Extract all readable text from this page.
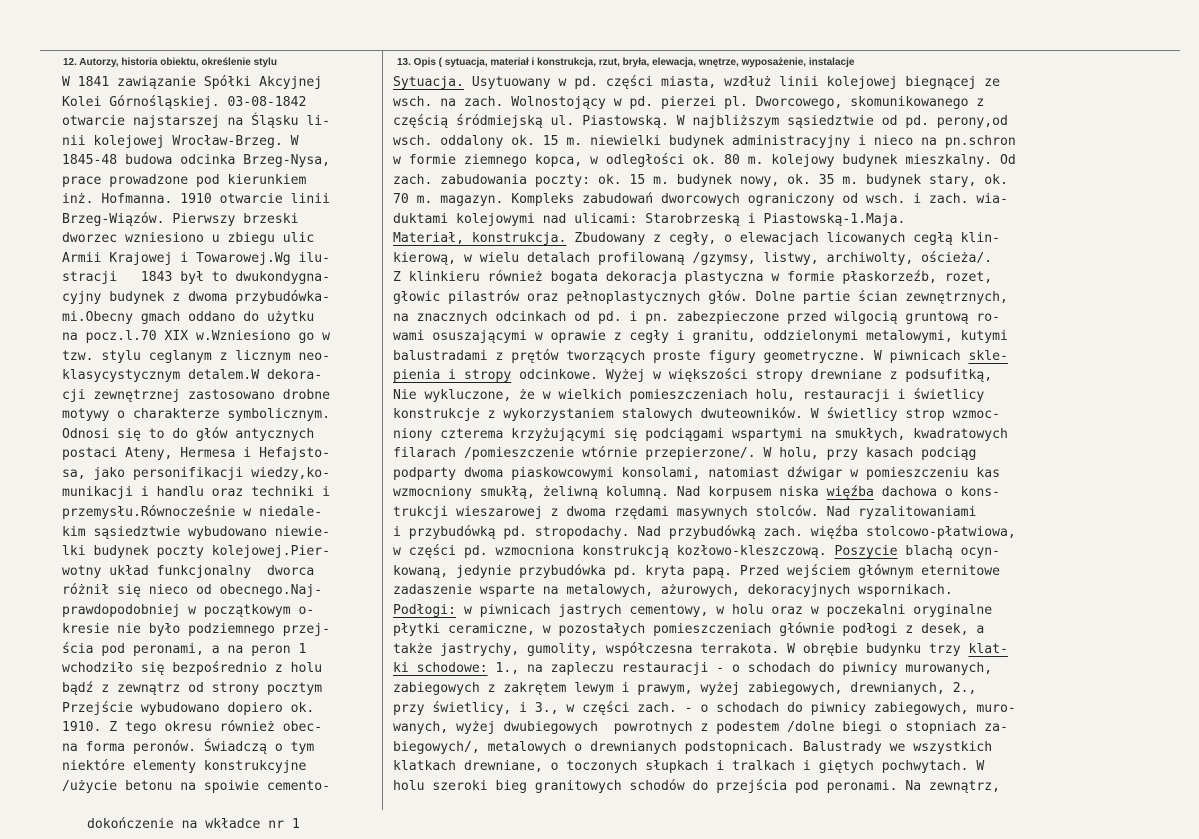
12. Autorzy, historia obiektu, określenie stylu	13. Opis ( sytuacja, materiał i konstrukcja, rzut, bryła, elewacja, wnętrze, wyposażenie, instalacje
W 1841 zawiązanie Spółki Akcyjnej
Kolei Górnośląskiej. 03-08-1842
otwarcie najstarszej na Śląsku li-
nii kolejowej Wrocław-Brzeg. W
1845-48 budowa odcinka Brzeg-Nysa,
prace prowadzone pod kierunkiem
inż. Hofmanna. 1910 otwarcie linii
Brzeg-Wiązów. Pierwszy brzeski
dworzec wzniesiono u zbiegu ulic
Armii Krajowej i Towarowej.Wg ilu-
stracji   1843 był to dwukondygna-
cyjny budynek z dwoma przybudówka-
mi.Obecny gmach oddano do użytku
na pocz.l.70 XIX w.Wzniesiono go w
tzw. stylu ceglanym z licznym neo-
klasycystycznym detalem.W dekora-
cji zewnętrznej zastosowano drobne
motywy o charakterze symbolicznym.
Odnosi się to do głów antycznych
postaci Ateny, Hermesa i Hefajsto-
sa, jako personifikacji wiedzy,ko-
munikacji i handlu oraz techniki i
przemysłu.Równocześnie w niedale-
kim sąsiedztwie wybudowano niewie-
lki budynek poczty kolejowej.Pier-
wotny układ funkcjonalny  dworca
różnił się nieco od obecnego.Naj-
prawdopodobniej w początkowym o-
kresie nie było podziemnego przej-
ścia pod peronami, a na peron 1
wchodziło się bezpośrednio z holu
bądź z zewnątrz od strony pocztym
Przejście wybudowano dopiero ok.
1910. Z tego okresu również obec-
na forma peronów. Świadczą o tym
niektóre elementy konstrukcyjne
/użycie betonu na spoiwie cemento-
Sytuacja. Usytuowany w pd. części miasta, wzdłuż linii kolejowej biegnącej ze
wsch. na zach. Wolnostojący w pd. pierzei pl. Dworcowego, skomunikowanego z
częścią śródmiejską ul. Piastowską. W najbliższym sąsiedztwie od pd. perony,od
wsch. oddalony ok. 15 m. niewielki budynek administracyjny i nieco na pn.schron
w formie ziemnego kopca, w odległości ok. 80 m. kolejowy budynek mieszkalny. Od
zach. zabudowania poczty: ok. 15 m. budynek nowy, ok. 35 m. budynek stary, ok.
70 m. magazyn. Kompleks zabudowań dworcowych ograniczony od wsch. i zach. wia-
duktami kolejowymi nad ulicami: Starobrzeską i Piastowską-1.Maja.
Materiał, konstrukcja. Zbudowany z cegły, o elewacjach licowanych cegłą klin-
kierową, w wielu detalach profilowaną /gzymsy, listwy, archiwolty, ościeża/.
Z klinkieru również bogata dekoracja plastyczna w formie płaskorzeźb, rozet,
głowic pilastrów oraz pełnoplastycznych głów. Dolne partie ścian zewnętrznych,
na znacznych odcinkach od pd. i pn. zabezpieczone przed wilgocią gruntową ro-
wami osuszającymi w oprawie z cegły i granitu, oddzielonymi metalowymi, kutymi
balustradami z prętów tworzących proste figury geometryczne. W piwnicach skle-
pienia i stropy odcinkowe. Wyżej w większości stropy drewniane z podsufitką,
Nie wykluczone, że w wielkich pomieszczeniach holu, restauracji i świetlicy
konstrukcje z wykorzystaniem stalowych dwuteowników. W świetlicy strop wzmoc-
niony czterema krzyżującymi się podciągami wspartymi na smukłych, kwadratowych
filarach /pomieszczenie wtórnie przepierzone/. W holu, przy kasach podciąg
podparty dwoma piaskowcowymi konsolami, natomiast dźwigar w pomieszczeniu kas
wzmocniony smukłą, żeliwną kolumną. Nad korpusem niska więźba dachowa o kons-
trukcji wieszarowej z dwoma rzędami masywnych stolców. Nad ryzalitowaniami
i przybudówką pd. stropodachy. Nad przybudówką zach. więźba stolcowo-płatwiowa,
w części pd. wzmocniona konstrukcją kozłowo-kleszczową. Poszycie blachą ocyn-
kowaną, jedynie przybudówka pd. kryta papą. Przed wejściem głównym eternitowe
zadaszenie wsparte na metalowych, ażurowych, dekoracyjnych wspornikach.
Podłogi: w piwnicach jastrych cementowy, w holu oraz w poczekalni oryginalne
płytki ceramiczne, w pozostałych pomieszczeniach głównie podłogi z desek, a
także jastrychy, gumolity, współczesna terrakota. W obrębie budynku trzy klat-
ki schodowe: 1., na zapleczu restauracji - o schodach do piwnicy murowanych,
zabiegowych z zakrętem lewym i prawym, wyżej zabiegowych, drewnianych, 2.,
przy świetlicy, i 3., w części zach. - o schodach do piwnicy zabiegowych, muro-
wanych, wyżej dwubiegowych  powrotnych z podestem /dolne biegi o stopniach za-
biegowych/, metalowych o drewnianych podstopnicach. Balustrady we wszystkich
klatkach drewniane, o toczonych słupkach i tralkach i giętych pochwytach. W
holu szeroki bieg granitowych schodów do przejścia pod peronami. Na zewnątrz,
dokończenie na wkładce nr 1
